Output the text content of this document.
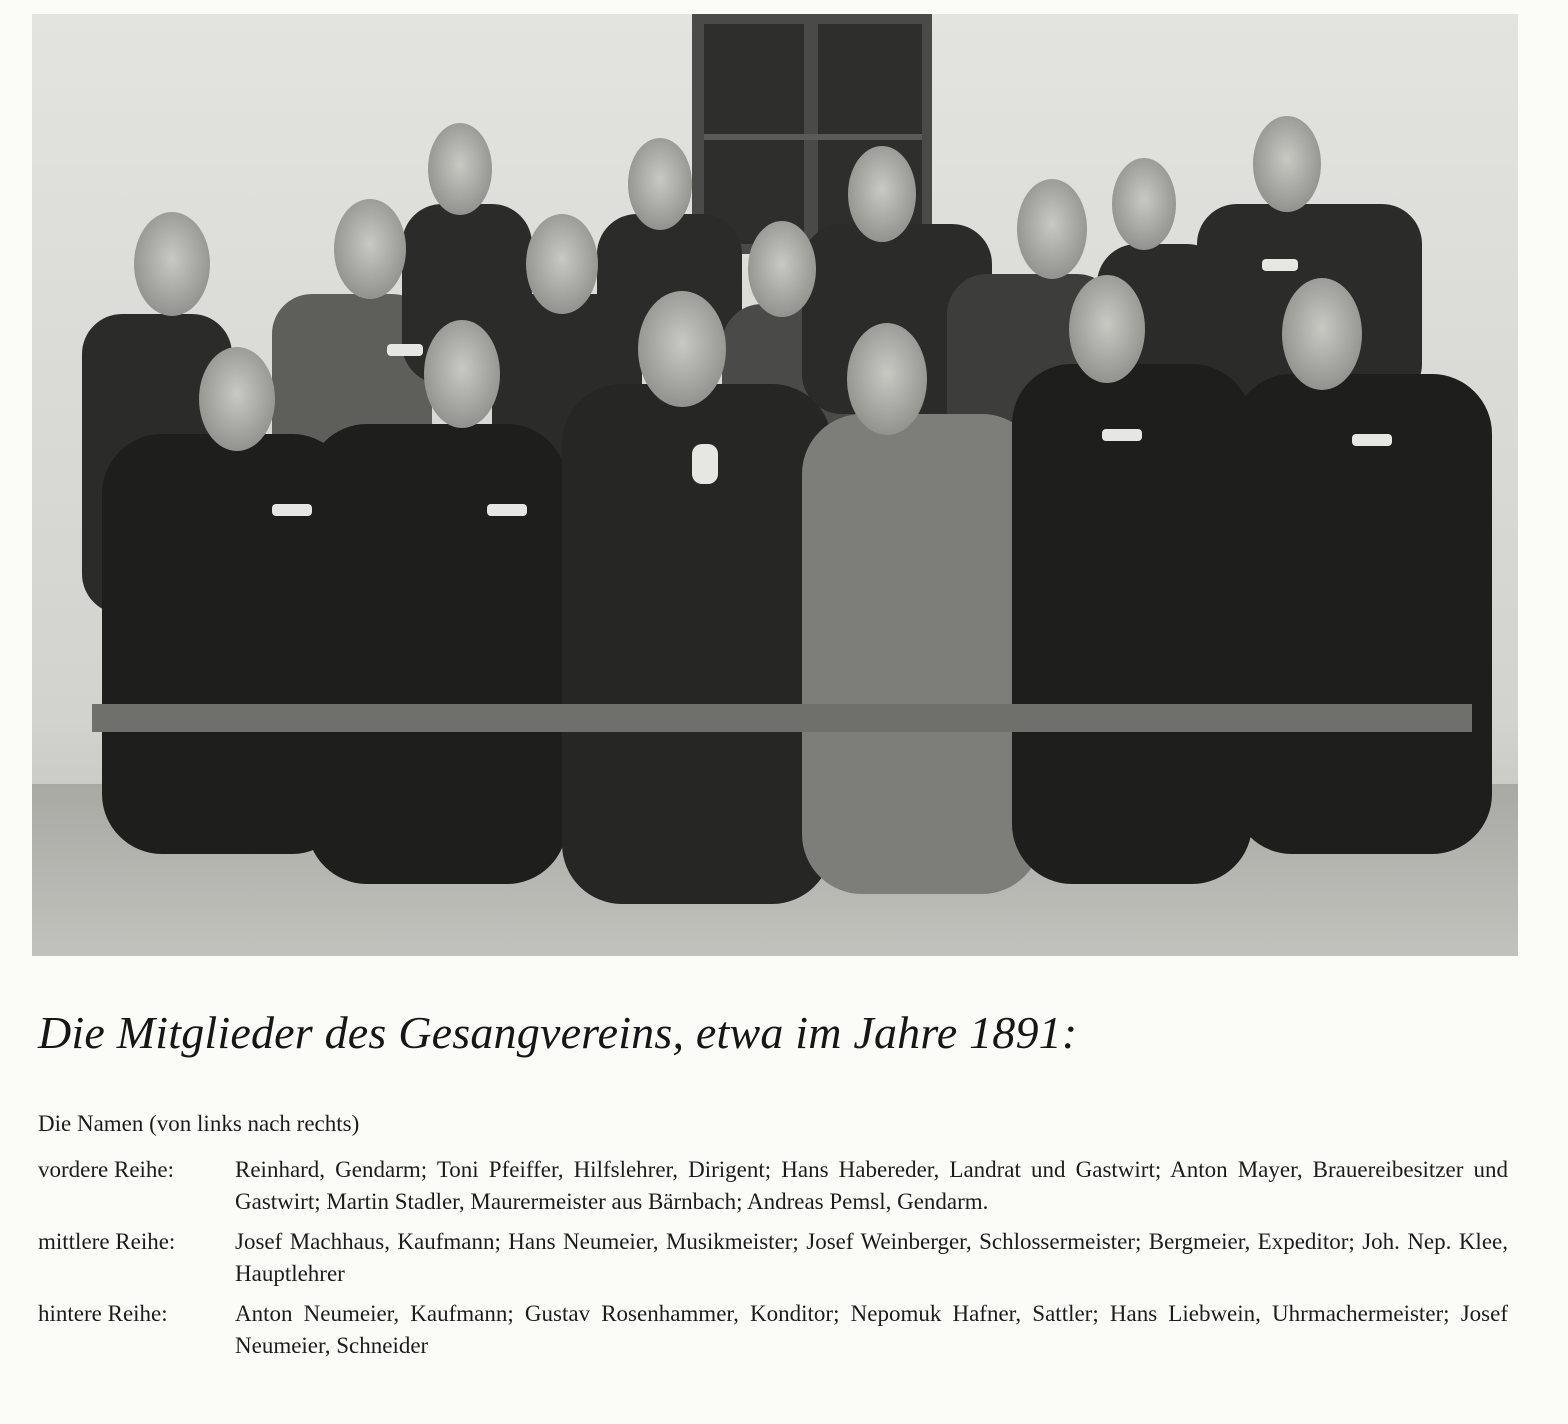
Die Mitglieder des Gesangvereins, etwa im Jahre 1891:
Die Namen (von links nach rechts)
vordere Reihe:	Reinhard, Gendarm; Toni Pfeiffer, Hilfslehrer, Dirigent; Hans Habereder, Landrat und Gastwirt; Anton Mayer, Brauereibesitzer und Gastwirt; Martin Stadler, Maurermeister aus Bärnbach; Andreas Pemsl, Gendarm.
mittlere Reihe:	Josef Machhaus, Kaufmann; Hans Neumeier, Musikmeister; Josef Weinberger, Schlossermeister; Bergmeier, Expeditor; Joh. Nep. Klee, Hauptlehrer
hintere Reihe:	Anton Neumeier, Kaufmann; Gustav Rosenhammer, Konditor; Nepomuk Hafner, Sattler; Hans Liebwein, Uhrmachermeister; Josef Neumeier, Schneider
